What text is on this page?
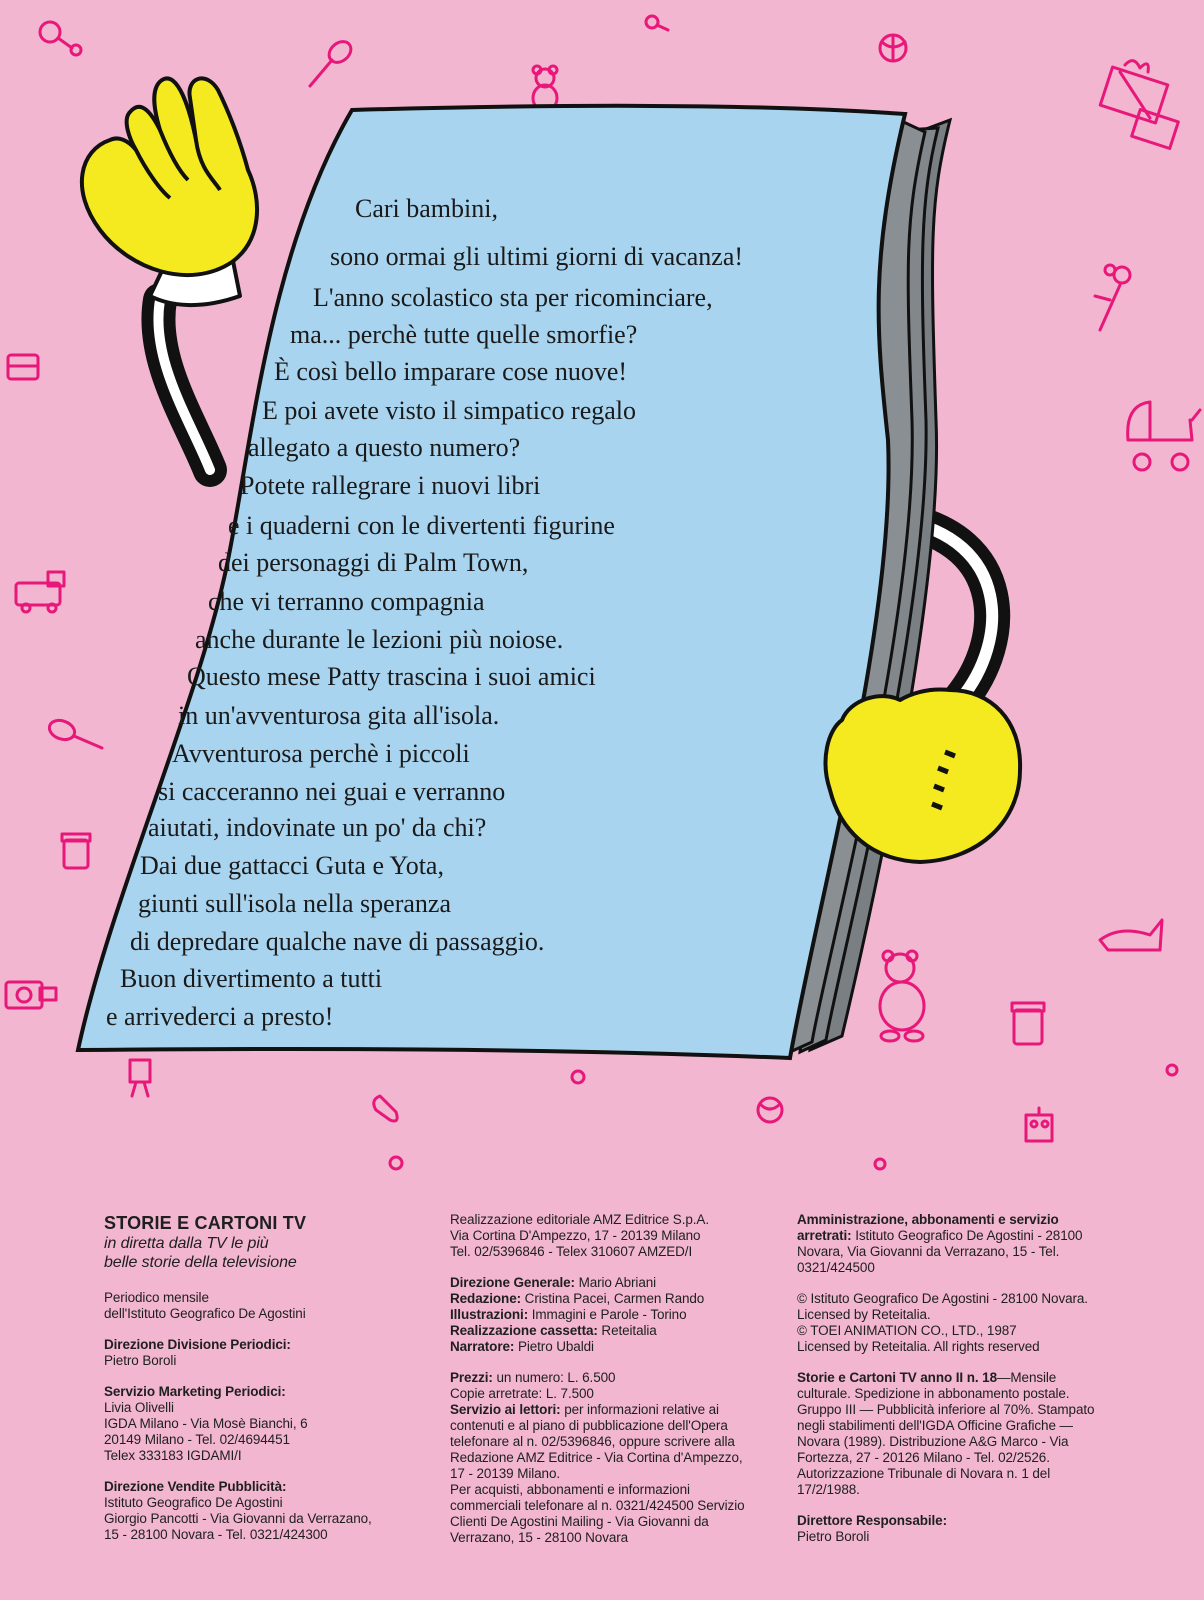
Cari bambini,
sono ormai gli ultimi giorni di vacanza!
L'anno scolastico sta per ricominciare,
ma... perchè tutte quelle smorfie?
È così bello imparare cose nuove!
E poi avete visto il simpatico regalo
allegato a questo numero?
Potete rallegrare i nuovi libri
e i quaderni con le divertenti figurine
dei personaggi di Palm Town,
che vi terranno compagnia
anche durante le lezioni più noiose.
Questo mese Patty trascina i suoi amici
in un'avventurosa gita all'isola.
Avventurosa perchè i piccoli
si cacceranno nei guai e verranno
aiutati, indovinate un po' da chi?
Dai due gattacci Guta e Yota,
giunti sull'isola nella speranza
di depredare qualche nave di passaggio.
Buon divertimento a tutti
e arrivederci a presto!
STORIE E CARTONI TV
in diretta dalla TV le più
belle storie della televisione

Periodico mensile
dell'Istituto Geografico De Agostini

Direzione Divisione Periodici:
Pietro Boroli

Servizio Marketing Periodici:
Livia Olivelli
IGDA Milano - Via Mosè Bianchi, 6
20149 Milano - Tel. 02/4694451
Telex 333183 IGDAMI/I

Direzione Vendite Pubblicità:
Istituto Geografico De Agostini
Giorgio Pancotti - Via Giovanni da Verrazano,
15 - 28100 Novara - Tel. 0321/424300

Realizzazione editoriale AMZ Editrice S.p.A.
Via Cortina D'Ampezzo, 17 - 20139 Milano
Tel. 02/5396846 - Telex 310607 AMZED/I

Direzione Generale: Mario Abriani
Redazione: Cristina Pacei, Carmen Rando
Illustrazioni: Immagini e Parole - Torino
Realizzazione cassetta: Reteitalia
Narratore: Pietro Ubaldi

Prezzi: un numero: L. 6.500
Copie arretrate: L. 7.500
Servizio ai lettori: per informazioni relative ai contenuti e al piano di pubblicazione dell'Opera telefonare al n. 02/5396846, oppure scrivere alla Redazione AMZ Editrice - Via Cortina d'Ampezzo, 17 - 20139 Milano.
Per acquisti, abbonamenti e informazioni commerciali telefonare al n. 0321/424500 Servizio Clienti De Agostini Mailing - Via Giovanni da Verrazano, 15 - 28100 Novara

Amministrazione, abbonamenti e servizio arretrati: Istituto Geografico De Agostini - 28100 Novara, Via Giovanni da Verrazano, 15 - Tel. 0321/424500

© Istituto Geografico De Agostini - 28100 Novara.
Licensed by Reteitalia.
© TOEI ANIMATION CO., LTD., 1987
Licensed by Reteitalia. All rights reserved

Storie e Cartoni TV anno II n. 18—Mensile culturale. Spedizione in abbonamento postale. Gruppo III — Pubblicità inferiore al 70%. Stampato negli stabilimenti dell'IGDA Officine Grafiche — Novara (1989). Distribuzione A&G Marco - Via Fortezza, 27 - 20126 Milano - Tel. 02/2526. Autorizzazione Tribunale di Novara n. 1 del 17/2/1988.

Direttore Responsabile:
Pietro Boroli
